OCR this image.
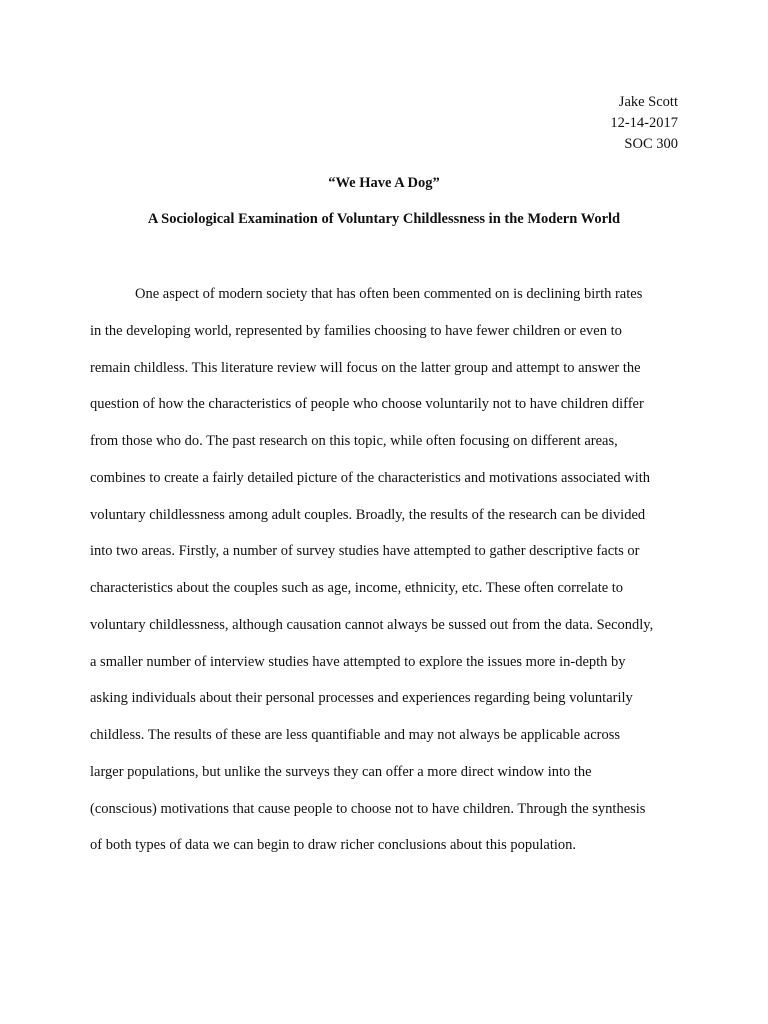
Jake Scott
12-14-2017
SOC 300
“We Have A Dog”
A Sociological Examination of Voluntary Childlessness in the Modern World
One aspect of modern society that has often been commented on is declining birth rates
in the developing world, represented by families choosing to have fewer children or even to
remain childless. This literature review will focus on the latter group and attempt to answer the
question of how the characteristics of people who choose voluntarily not to have children differ
from those who do. The past research on this topic, while often focusing on different areas,
combines to create a fairly detailed picture of the characteristics and motivations associated with
voluntary childlessness among adult couples. Broadly, the results of the research can be divided
into two areas. Firstly, a number of survey studies have attempted to gather descriptive facts or
characteristics about the couples such as age, income, ethnicity, etc. These often correlate to
voluntary childlessness, although causation cannot always be sussed out from the data. Secondly,
a smaller number of interview studies have attempted to explore the issues more in-depth by
asking individuals about their personal processes and experiences regarding being voluntarily
childless. The results of these are less quantifiable and may not always be applicable across
larger populations, but unlike the surveys they can offer a more direct window into the
(conscious) motivations that cause people to choose not to have children. Through the synthesis
of both types of data we can begin to draw richer conclusions about this population.
